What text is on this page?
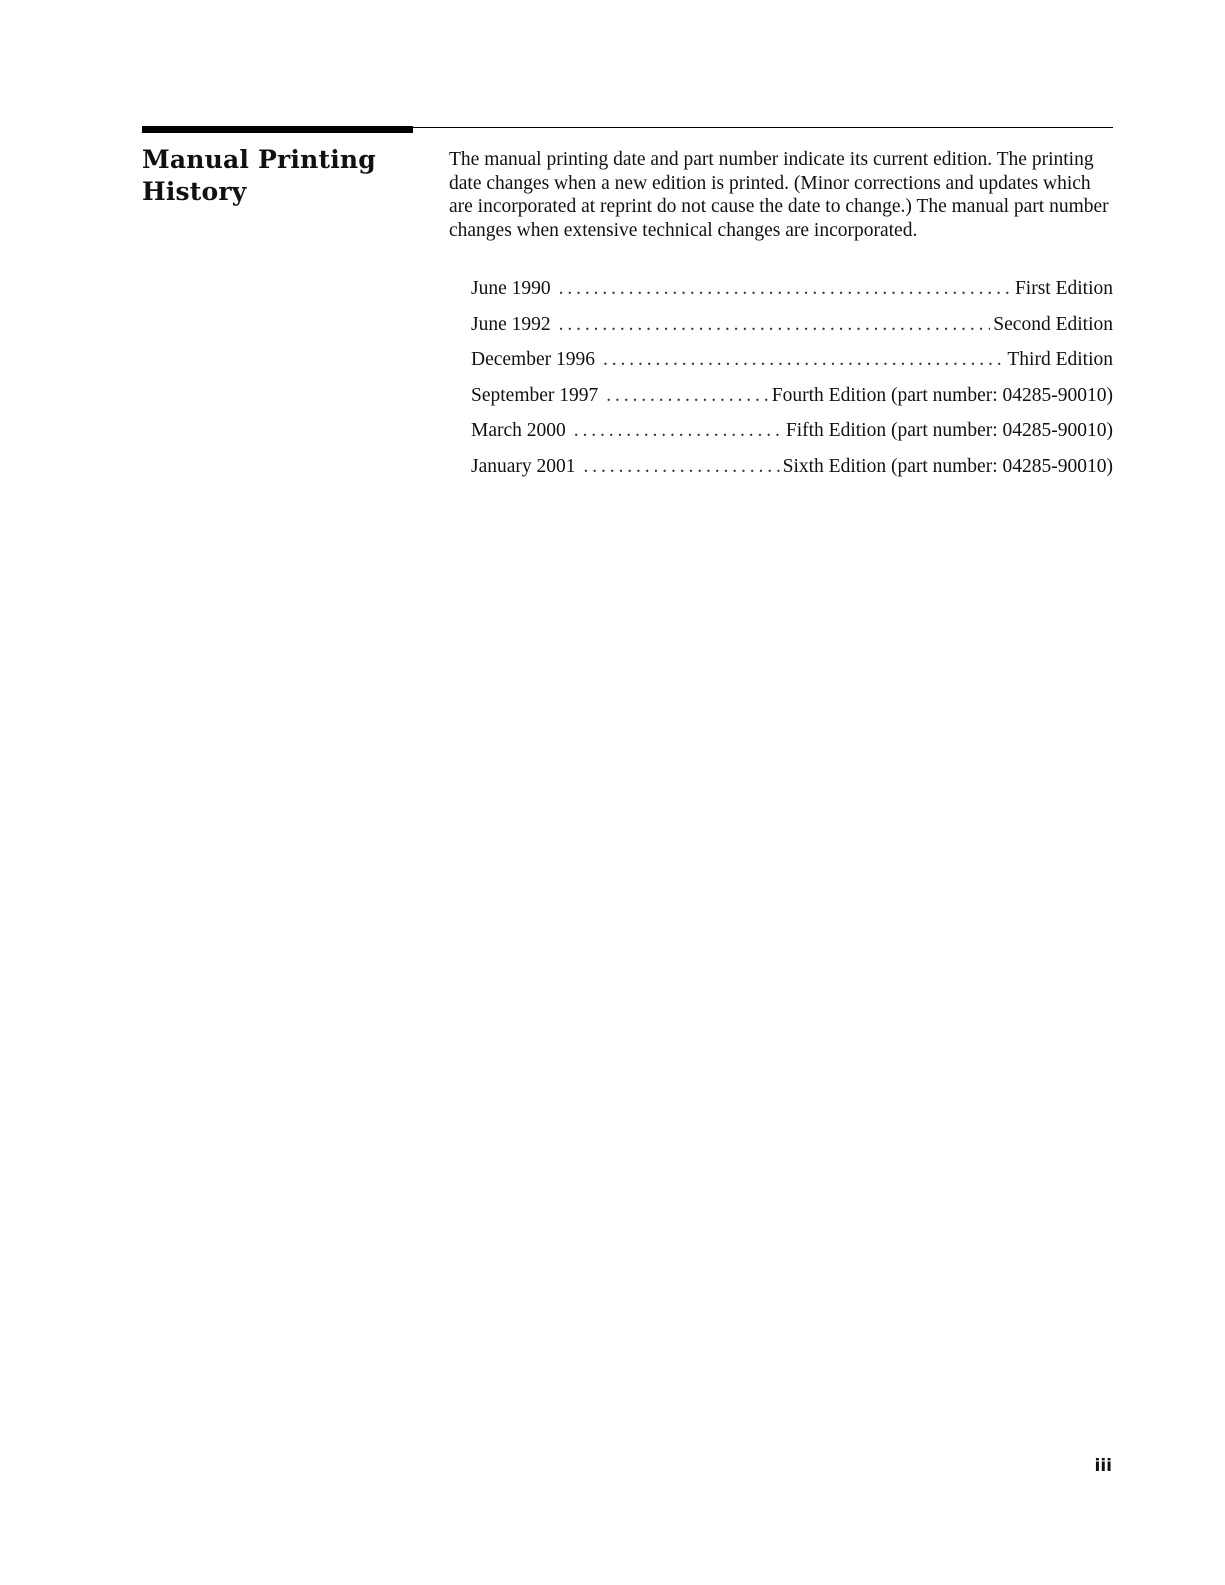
Manual Printing
History

The manual printing date and part number indicate its current edition. The printing date changes when a new edition is printed. (Minor corrections and updates which are incorporated at reprint do not cause the date to change.) The manual part number changes when extensive technical changes are incorporated.

June 1990 . . .	First Edition
June 1992 . . .	Second Edition
December 1996 . . .	Third Edition
September 1997 . . .	Fourth Edition (part number: 04285-90010)
March 2000 . . .	Fifth Edition (part number: 04285-90010)
January 2001 . . .	Sixth Edition (part number: 04285-90010)

iii
